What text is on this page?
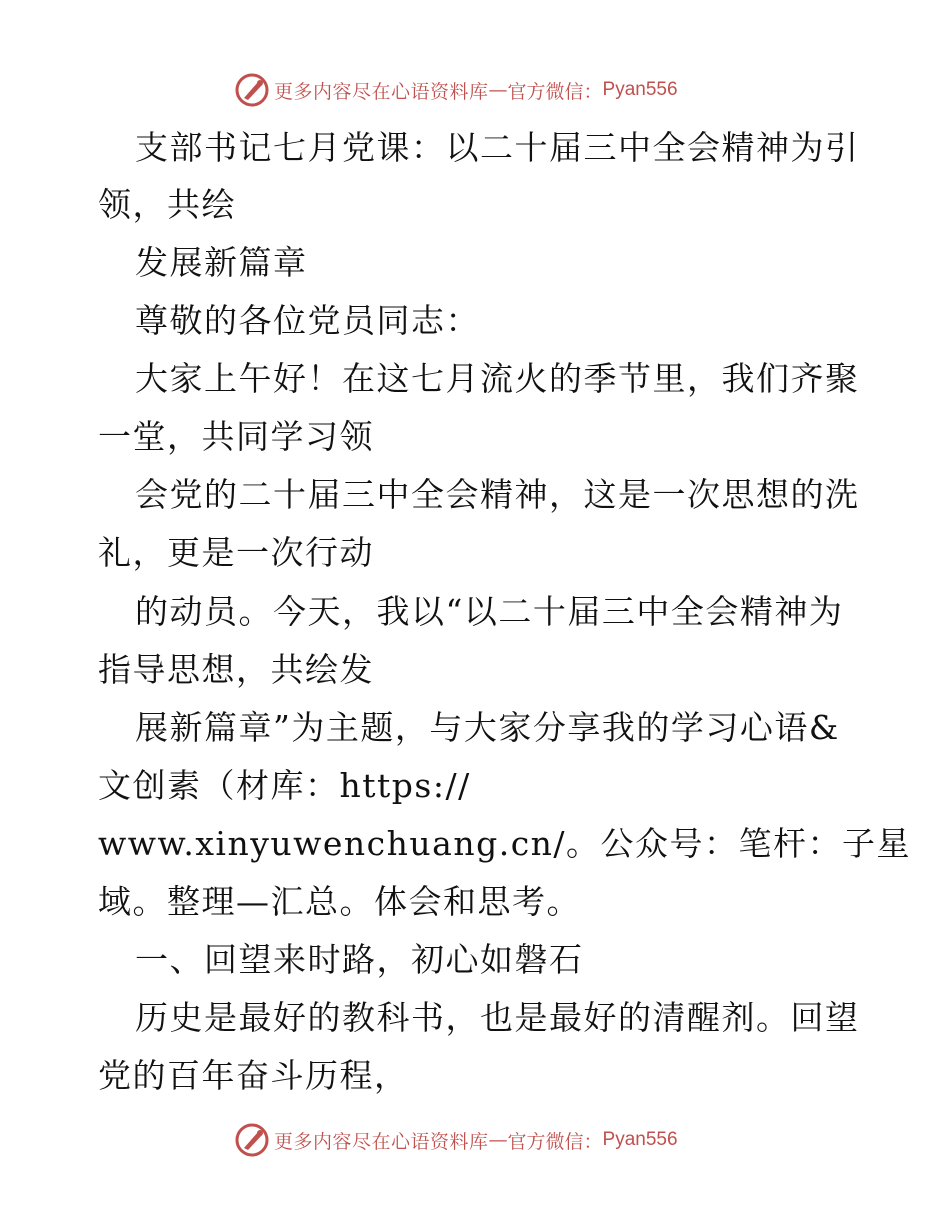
更多内容尽在心语资料库 — 官方微信： Pyan556
支部书记七月党课：以二十届三中全会精神为引
领，共绘
发展新篇章
尊敬的各位党员同志：
大家上午好！在这七月流火的季节里，我们齐聚
一堂，共同学习领
会党的二十届三中全会精神，这是一次思想的洗
礼，更是一次行动
的动员。今天，我以“以二十届三中全会精神为
指导思想，共绘发
展新篇章”为主题，与大家分享我的学习心语&
文创素（材库：https://
www.xinyuwenchuang.cn/。公众号：笔杆：子星
域。整理—汇总。体会和思考。
一、回望来时路，初心如磐石
历史是最好的教科书，也是最好的清醒剂。回望
党的百年奋斗历程，
更多内容尽在心语资料库 — 官方微信： Pyan556
